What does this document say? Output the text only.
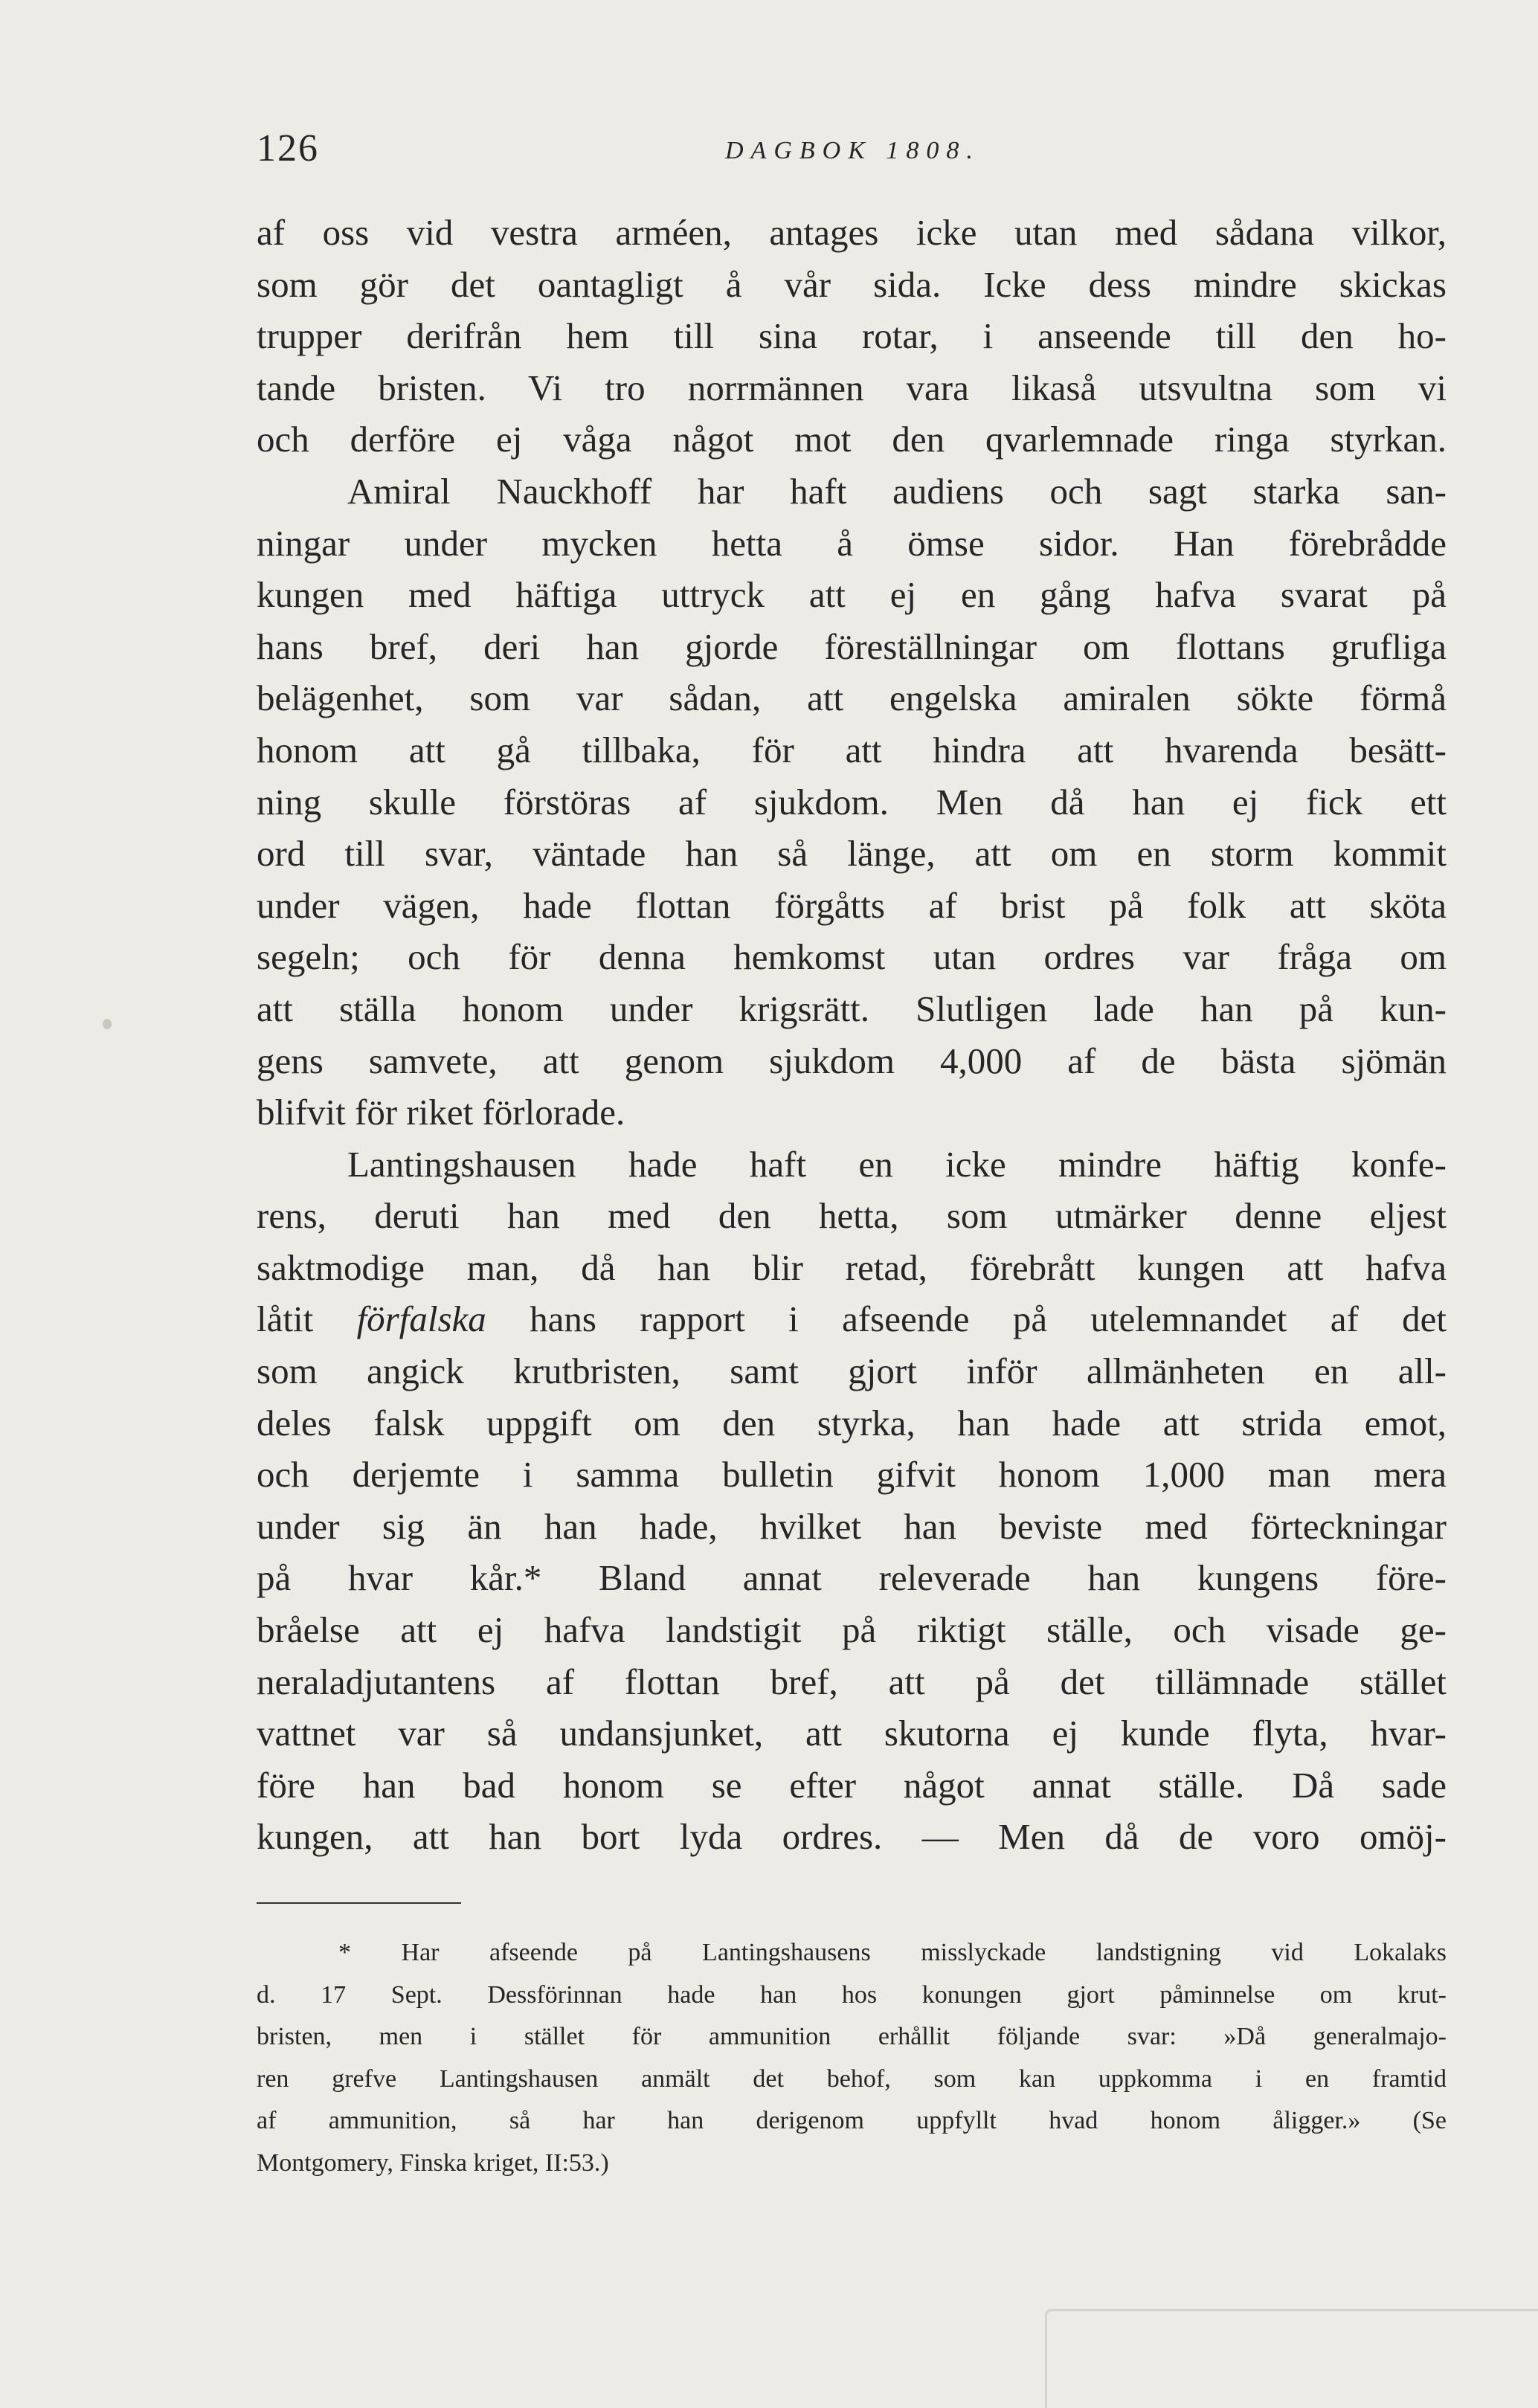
126	DAGBOK 1808.
af oss vid vestra arméen, antages icke utan med sådana vilkor,
som gör det oantagligt å vår sida. Icke dess mindre skickas
trupper derifrån hem till sina rotar, i anseende till den ho-
tande bristen. Vi tro norrmännen vara likaså utsvultna som vi
och derföre ej våga något mot den qvarlemnade ringa styrkan.
Amiral Nauckhoff har haft audiens och sagt starka san-
ningar under mycken hetta å ömse sidor. Han förebrådde
kungen med häftiga uttryck att ej en gång hafva svarat på
hans bref, deri han gjorde föreställningar om flottans grufliga
belägenhet, som var sådan, att engelska amiralen sökte förmå
honom att gå tillbaka, för att hindra att hvarenda besätt-
ning skulle förstöras af sjukdom. Men då han ej fick ett
ord till svar, väntade han så länge, att om en storm kommit
under vägen, hade flottan förgåtts af brist på folk att sköta
segeln; och för denna hemkomst utan ordres var fråga om
att ställa honom under krigsrätt. Slutligen lade han på kun-
gens samvete, att genom sjukdom 4,000 af de bästa sjömän
blifvit för riket förlorade.
Lantingshausen hade haft en icke mindre häftig konfe-
rens, deruti han med den hetta, som utmärker denne eljest
saktmodige man, då han blir retad, förebrått kungen att hafva
låtit förfalska hans rapport i afseende på utelemnandet af det
som angick krutbristen, samt gjort inför allmänheten en all-
deles falsk uppgift om den styrka, han hade att strida emot,
och derjemte i samma bulletin gifvit honom 1,000 man mera
under sig än han hade, hvilket han beviste med förteckningar
på hvar kår.* Bland annat releverade han kungens före-
bråelse att ej hafva landstigit på riktigt ställe, och visade ge-
neraladjutantens af flottan bref, att på det tillämnade stället
vattnet var så undansjunket, att skutorna ej kunde flyta, hvar-
före han bad honom se efter något annat ställe. Då sade
kungen, att han bort lyda ordres. — Men då de voro omöj-
* Har afseende på Lantingshausens misslyckade landstigning vid Lokalaks
d. 17 Sept. Dessförinnan hade han hos konungen gjort påminnelse om krut-
bristen, men i stället för ammunition erhållit följande svar: »Då generalmajo-
ren grefve Lantingshausen anmält det behof, som kan uppkomma i en framtid
af ammunition, så har han derigenom uppfyllt hvad honom åligger.» (Se
Montgomery, Finska kriget, II:53.)
